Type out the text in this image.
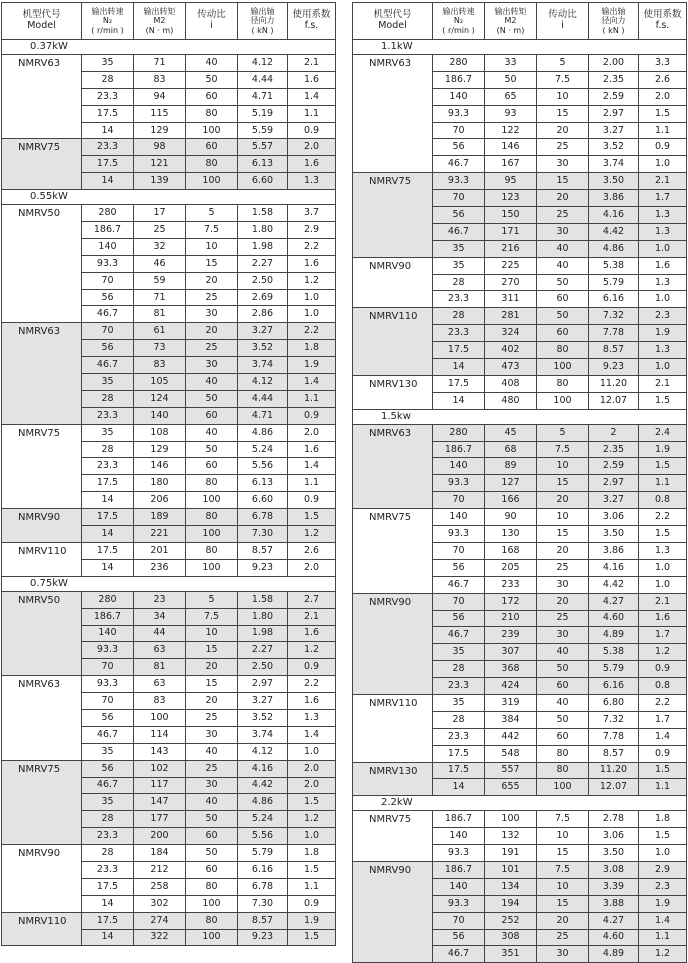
机型代号
Model	输出转速
N₂
( r/min )	输出转矩
M2
(N · m)	传动比
i	输出轴
径向力
( kN )	使用系数
f.s.

0.37kW					
NMRV63	35	71	40	4.12	2.1
	28	83	50	4.44	1.6
	23.3	94	60	4.71	1.4
	17.5	115	80	5.19	1.1
	14	129	100	5.59	0.9
NMRV75	23.3	98	60	5.57	2.0
	17.5	121	80	6.13	1.6
	14	139	100	6.60	1.3
0.55kW					
NMRV50	280	17	5	1.58	3.7
	186.7	25	7.5	1.80	2.9
	140	32	10	1.98	2.2
	93.3	46	15	2.27	1.6
	70	59	20	2.50	1.2
	56	71	25	2.69	1.0
	46.7	81	30	2.86	1.0
NMRV63	70	61	20	3.27	2.2
	56	73	25	3.52	1.8
	46.7	83	30	3.74	1.9
	35	105	40	4.12	1.4
	28	124	50	4.44	1.1
	23.3	140	60	4.71	0.9
NMRV75	35	108	40	4.86	2.0
	28	129	50	5.24	1.6
	23.3	146	60	5.56	1.4
	17.5	180	80	6.13	1.1
	14	206	100	6.60	0.9
NMRV90	17.5	189	80	6.78	1.5
	14	221	100	7.30	1.2
NMRV110	17.5	201	80	8.57	2.6
	14	236	100	9.23	2.0
0.75kW					
NMRV50	280	23	5	1.58	2.7
	186.7	34	7.5	1.80	2.1
	140	44	10	1.98	1.6
	93.3	63	15	2.27	1.2
	70	81	20	2.50	0.9
NMRV63	93.3	63	15	2.97	2.2
	70	83	20	3.27	1.6
	56	100	25	3.52	1.3
	46.7	114	30	3.74	1.4
	35	143	40	4.12	1.0
NMRV75	56	102	25	4.16	2.0
	46.7	117	30	4.42	2.0
	35	147	40	4.86	1.5
	28	177	50	5.24	1.2
	23.3	200	60	5.56	1.0
NMRV90	28	184	50	5.79	1.8
	23.3	212	60	6.16	1.5
	17.5	258	80	6.78	1.1
	14	302	100	7.30	0.9
NMRV110	17.5	274	80	8.57	1.9
	14	322	100	9.23	1.5
机型代号
Model	输出转速
N₂
( r/min )	输出转矩
M2
(N · m)	传动比
i	输出轴
径向力
( kN )	使用系数
f.s.

1.1kW					
NMRV63	280	33	5	2.00	3.3
	186.7	50	7.5	2.35	2.6
	140	65	10	2.59	2.0
	93.3	93	15	2.97	1.5
	70	122	20	3.27	1.1
	56	146	25	3.52	0.9
	46.7	167	30	3.74	1.0
NMRV75	93.3	95	15	3.50	2.1
	70	123	20	3.86	1.7
	56	150	25	4.16	1.3
	46.7	171	30	4.42	1.3
	35	216	40	4.86	1.0
NMRV90	35	225	40	5.38	1.6
	28	270	50	5.79	1.3
	23.3	311	60	6.16	1.0
NMRV110	28	281	50	7.32	2.3
	23.3	324	60	7.78	1.9
	17.5	402	80	8.57	1.3
	14	473	100	9.23	1.0
NMRV130	17.5	408	80	11.20	2.1
	14	480	100	12.07	1.5
1.5kw					
NMRV63	280	45	5	2	2.4
	186.7	68	7.5	2.35	1.9
	140	89	10	2.59	1.5
	93.3	127	15	2.97	1.1
	70	166	20	3.27	0.8
NMRV75	140	90	10	3.06	2.2
	93.3	130	15	3.50	1.5
	70	168	20	3.86	1.3
	56	205	25	4.16	1.0
	46.7	233	30	4.42	1.0
NMRV90	70	172	20	4.27	2.1
	56	210	25	4.60	1.6
	46.7	239	30	4.89	1.7
	35	307	40	5.38	1.2
	28	368	50	5.79	0.9
	23.3	424	60	6.16	0.8
NMRV110	35	319	40	6.80	2.2
	28	384	50	7.32	1.7
	23.3	442	60	7.78	1.4
	17.5	548	80	8.57	0.9
NMRV130	17.5	557	80	11.20	1.5
	14	655	100	12.07	1.1
2.2kW					
NMRV75	186.7	100	7.5	2.78	1.8
	140	132	10	3.06	1.5
	93.3	191	15	3.50	1.0
NMRV90	186.7	101	7.5	3.08	2.9
	140	134	10	3.39	2.3
	93.3	194	15	3.88	1.9
	70	252	20	4.27	1.4
	56	308	25	4.60	1.1
	46.7	351	30	4.89	1.2
